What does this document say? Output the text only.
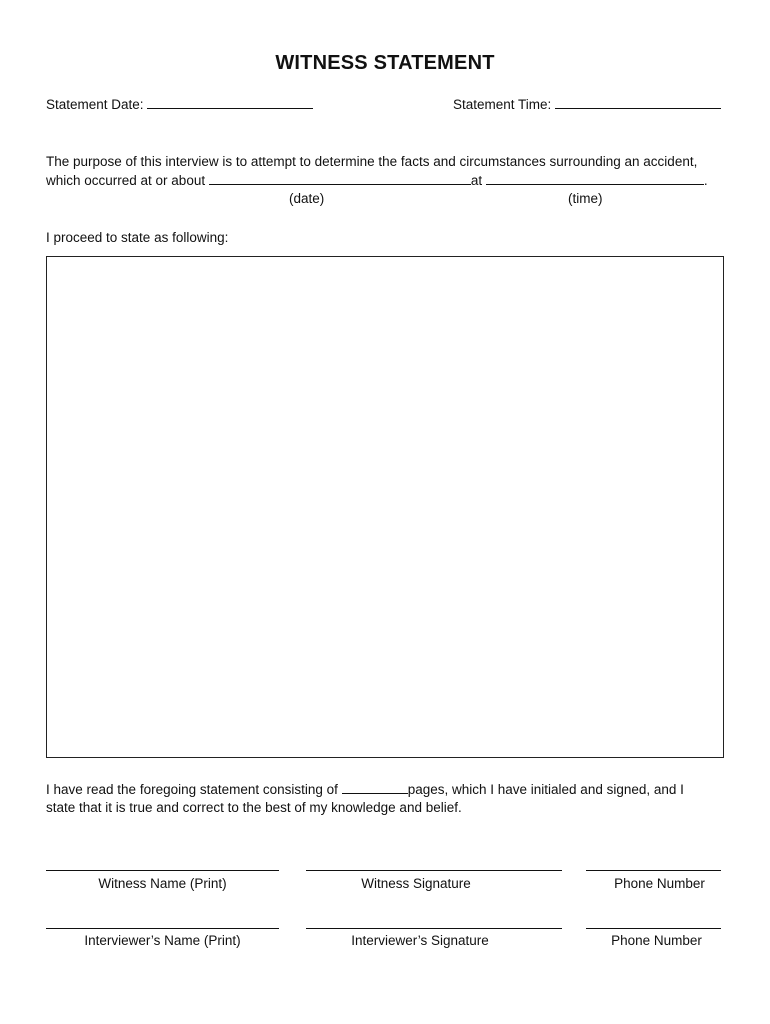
WITNESS STATEMENT
Statement Date:	Statement Time:
The purpose of this interview is to attempt to determine the facts and circumstances surrounding an accident,
which occurred at or about	at	.
(date)	(time)
I proceed to state as following:
I have read the foregoing statement consisting of	pages, which I have initialed and signed, and I
state that it is true and correct to the best of my knowledge and belief.
Witness Name (Print)	Witness Signature	Phone Number
Interviewer’s Name (Print)	Interviewer’s Signature	Phone Number
